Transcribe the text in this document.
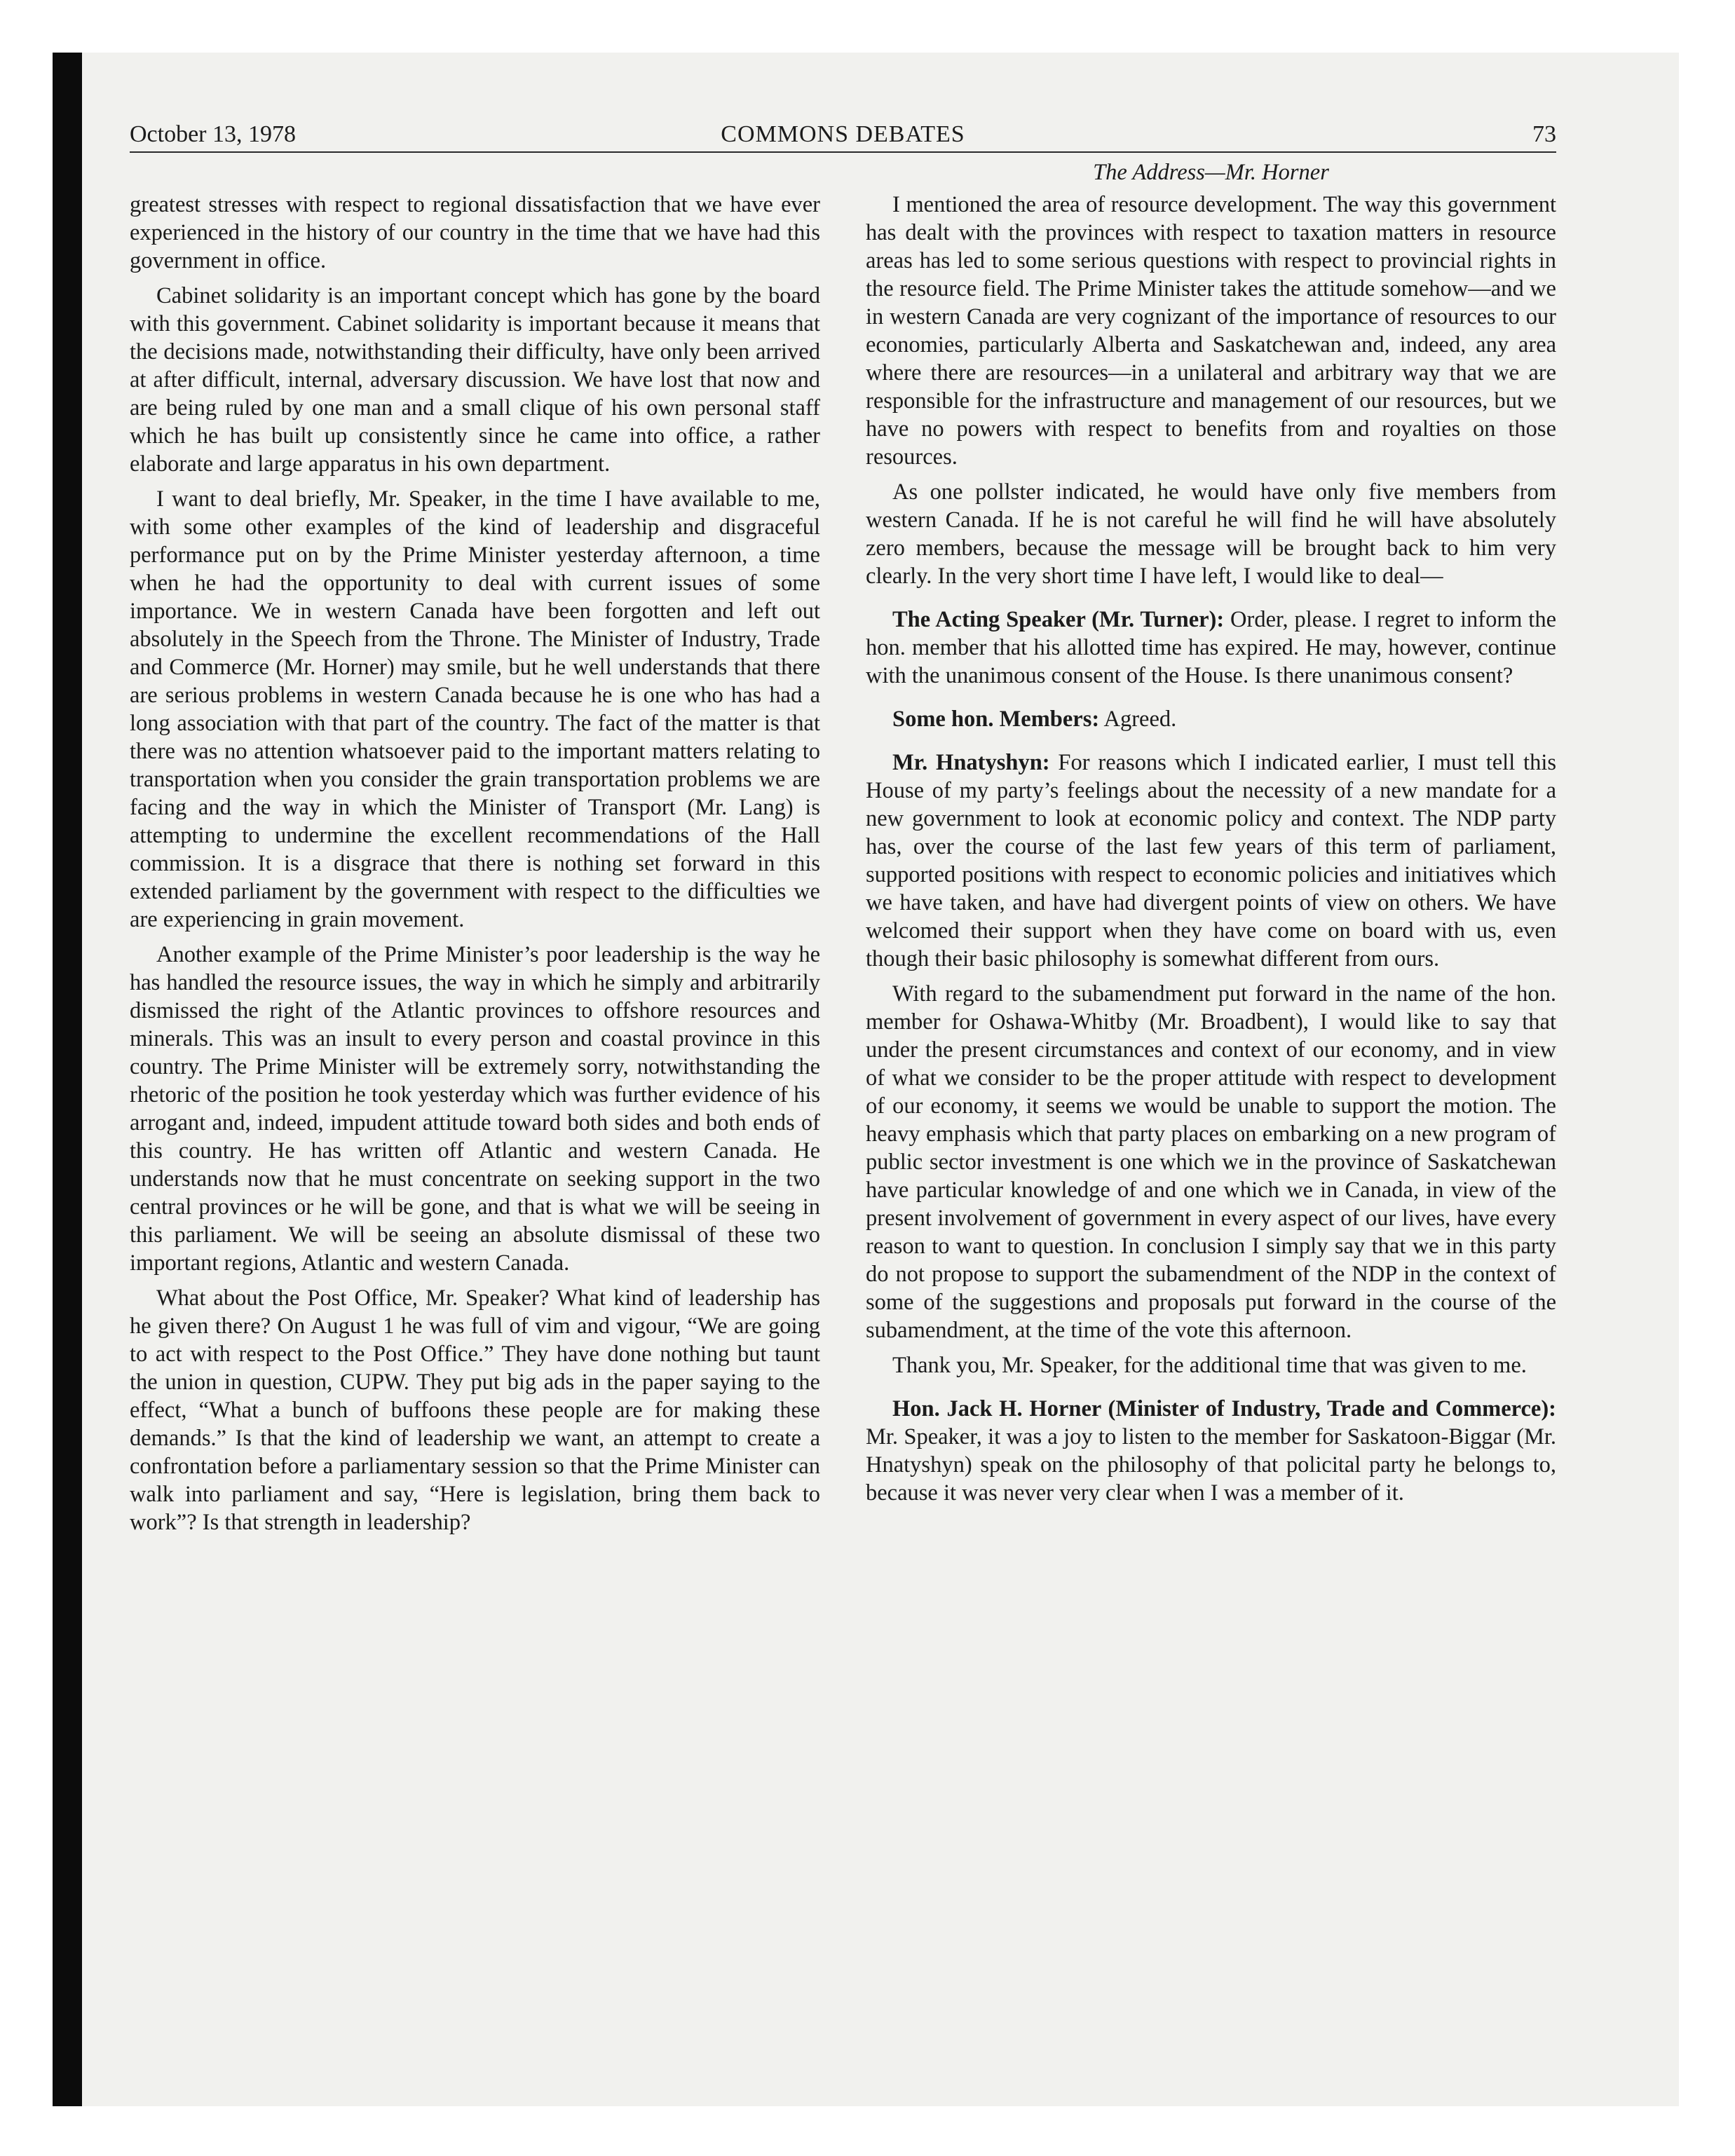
October 13, 1978	COMMONS DEBATES	73

greatest stresses with respect to regional dissatisfaction that we have ever experienced in the history of our country in the time that we have had this government in office.

Cabinet solidarity is an important concept which has gone by the board with this government. Cabinet solidarity is important because it means that the decisions made, notwithstanding their difficulty, have only been arrived at after difficult, internal, adversary discussion. We have lost that now and are being ruled by one man and a small clique of his own personal staff which he has built up consistently since he came into office, a rather elaborate and large apparatus in his own department.

I want to deal briefly, Mr. Speaker, in the time I have available to me, with some other examples of the kind of leadership and disgraceful performance put on by the Prime Minister yesterday afternoon, a time when he had the opportunity to deal with current issues of some importance. We in western Canada have been forgotten and left out absolutely in the Speech from the Throne. The Minister of Industry, Trade and Commerce (Mr. Horner) may smile, but he well understands that there are serious problems in western Canada because he is one who has had a long association with that part of the country. The fact of the matter is that there was no attention whatsoever paid to the important matters relating to transportation when you consider the grain transportation problems we are facing and the way in which the Minister of Transport (Mr. Lang) is attempting to undermine the excellent recommendations of the Hall commission. It is a disgrace that there is nothing set forward in this extended parliament by the government with respect to the difficulties we are experiencing in grain movement.

Another example of the Prime Minister’s poor leadership is the way he has handled the resource issues, the way in which he simply and arbitrarily dismissed the right of the Atlantic provinces to offshore resources and minerals. This was an insult to every person and coastal province in this country. The Prime Minister will be extremely sorry, notwithstanding the rhetoric of the position he took yesterday which was further evidence of his arrogant and, indeed, impudent attitude toward both sides and both ends of this country. He has written off Atlantic and western Canada. He understands now that he must concentrate on seeking support in the two central provinces or he will be gone, and that is what we will be seeing in this parliament. We will be seeing an absolute dismissal of these two important regions, Atlantic and western Canada.

What about the Post Office, Mr. Speaker? What kind of leadership has he given there? On August 1 he was full of vim and vigour, “We are going to act with respect to the Post Office.” They have done nothing but taunt the union in question, CUPW. They put big ads in the paper saying to the effect, “What a bunch of buffoons these people are for making these demands.” Is that the kind of leadership we want, an attempt to create a confrontation before a parliamentary session so that the Prime Minister can walk into parliament and say, “Here is legislation, bring them back to work”? Is that strength in leadership?

The Address—Mr. Horner

I mentioned the area of resource development. The way this government has dealt with the provinces with respect to taxation matters in resource areas has led to some serious questions with respect to provincial rights in the resource field. The Prime Minister takes the attitude somehow—and we in western Canada are very cognizant of the importance of resources to our economies, particularly Alberta and Saskatchewan and, indeed, any area where there are resources—in a unilateral and arbitrary way that we are responsible for the infrastructure and management of our resources, but we have no powers with respect to benefits from and royalties on those resources.

As one pollster indicated, he would have only five members from western Canada. If he is not careful he will find he will have absolutely zero members, because the message will be brought back to him very clearly. In the very short time I have left, I would like to deal—

The Acting Speaker (Mr. Turner): Order, please. I regret to inform the hon. member that his allotted time has expired. He may, however, continue with the unanimous consent of the House. Is there unanimous consent?

Some hon. Members: Agreed.

Mr. Hnatyshyn: For reasons which I indicated earlier, I must tell this House of my party’s feelings about the necessity of a new mandate for a new government to look at economic policy and context. The NDP party has, over the course of the last few years of this term of parliament, supported positions with respect to economic policies and initiatives which we have taken, and have had divergent points of view on others. We have welcomed their support when they have come on board with us, even though their basic philosophy is somewhat different from ours.

With regard to the subamendment put forward in the name of the hon. member for Oshawa-Whitby (Mr. Broadbent), I would like to say that under the present circumstances and context of our economy, and in view of what we consider to be the proper attitude with respect to development of our economy, it seems we would be unable to support the motion. The heavy emphasis which that party places on embarking on a new program of public sector investment is one which we in the province of Saskatchewan have particular knowledge of and one which we in Canada, in view of the present involvement of government in every aspect of our lives, have every reason to want to question. In conclusion I simply say that we in this party do not propose to support the subamendment of the NDP in the context of some of the suggestions and proposals put forward in the course of the subamendment, at the time of the vote this afternoon.

Thank you, Mr. Speaker, for the additional time that was given to me.

Hon. Jack H. Horner (Minister of Industry, Trade and Commerce): Mr. Speaker, it was a joy to listen to the member for Saskatoon-Biggar (Mr. Hnatyshyn) speak on the philosophy of that policital party he belongs to, because it was never very clear when I was a member of it.
